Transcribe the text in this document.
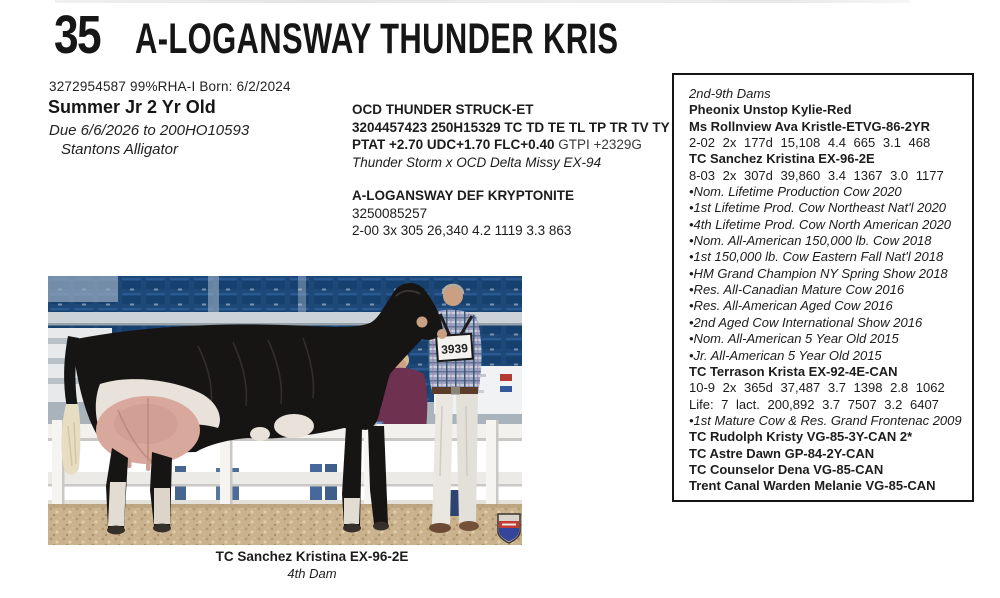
35 A-LOGANSWAY THUNDER KRIS
3272954587 99%RHA-I Born: 6/2/2024
Summer Jr 2 Yr Old
Due 6/6/2026 to 200HO10593
Stantons Alligator
OCD THUNDER STRUCK-ET
3204457423 250H15329 TC TD TE TL TP TR TV TY
PTAT +2.70 UDC+1.70 FLC+0.40 GTPI +2329G
Thunder Storm x OCD Delta Missy EX-94
A-LOGANSWAY DEF KRYPTONITE
3250085257
2-00 3x 305 26,340 4.2 1119 3.3 863
2nd-9th Dams
Pheonix Unstop Kylie-Red
Ms Rollnview Ava Kristle-ETVG-86-2YR
2-02 2x 177d 15,108 4.4 665 3.1 468
TC Sanchez Kristina EX-96-2E
8-03 2x 307d 39,860 3.4 1367 3.0 1177
•Nom. Lifetime Production Cow 2020
•1st Lifetime Prod. Cow Northeast Nat'l 2020
•4th Lifetime Prod. Cow North American 2020
•Nom. All-American 150,000 lb. Cow 2018
•1st 150,000 lb. Cow Eastern Fall Nat'l 2018
•HM Grand Champion NY Spring Show 2018
•Res. All-Canadian Mature Cow 2016
•Res. All-American Aged Cow 2016
•2nd Aged Cow International Show 2016
•Nom. All-American 5 Year Old 2015
•Jr. All-American 5 Year Old 2015
TC Terrason Krista EX-92-4E-CAN
10-9 2x 365d 37,487 3.7 1398 2.8 1062
Life: 7 lact. 200,892 3.7 7507 3.2 6407
•1st Mature Cow & Res. Grand Frontenac 2009
TC Rudolph Kristy VG-85-3Y-CAN 2*
TC Astre Dawn GP-84-2Y-CAN
TC Counselor Dena VG-85-CAN
Trent Canal Warden Melanie VG-85-CAN
3939
TC Sanchez Kristina EX-96-2E
4th Dam
